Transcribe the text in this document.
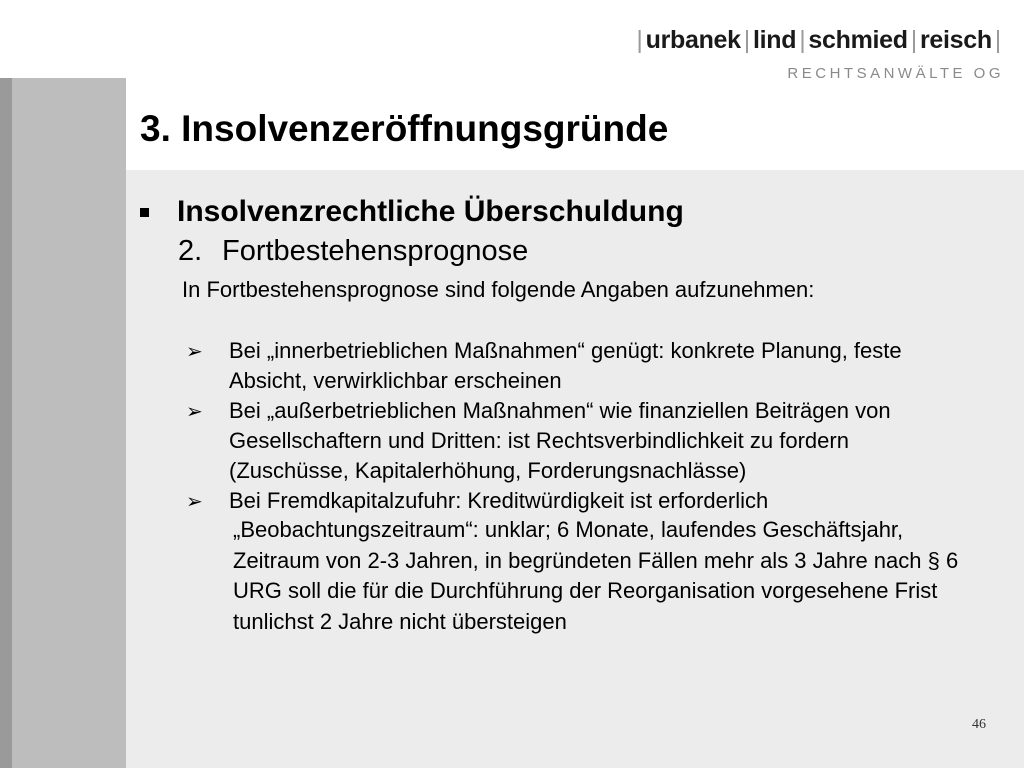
| urbanek | lind | schmied | reisch |
RECHTSANWÄLTE OG
3. Insolvenzeröffnungsgründe
Insolvenzrechtliche Überschuldung
2. Fortbestehensprognose
In Fortbestehensprognose sind folgende Angaben aufzunehmen:
➢ Bei „innerbetrieblichen Maßnahmen“ genügt: konkrete Planung, feste Absicht, verwirklichbar erscheinen
➢ Bei „außerbetrieblichen Maßnahmen“ wie finanziellen Beiträgen von Gesellschaftern und Dritten: ist Rechtsverbindlichkeit zu fordern (Zuschüsse, Kapitalerhöhung, Forderungsnachlässe)
➢ Bei Fremdkapitalzufuhr: Kreditwürdigkeit ist erforderlich
„Beobachtungszeitraum“: unklar; 6 Monate, laufendes Geschäftsjahr, Zeitraum von 2-3 Jahren, in begründeten Fällen mehr als 3 Jahre nach § 6 URG soll die für die Durchführung der Reorganisation vorgesehene Frist tunlichst 2 Jahre nicht übersteigen
46
